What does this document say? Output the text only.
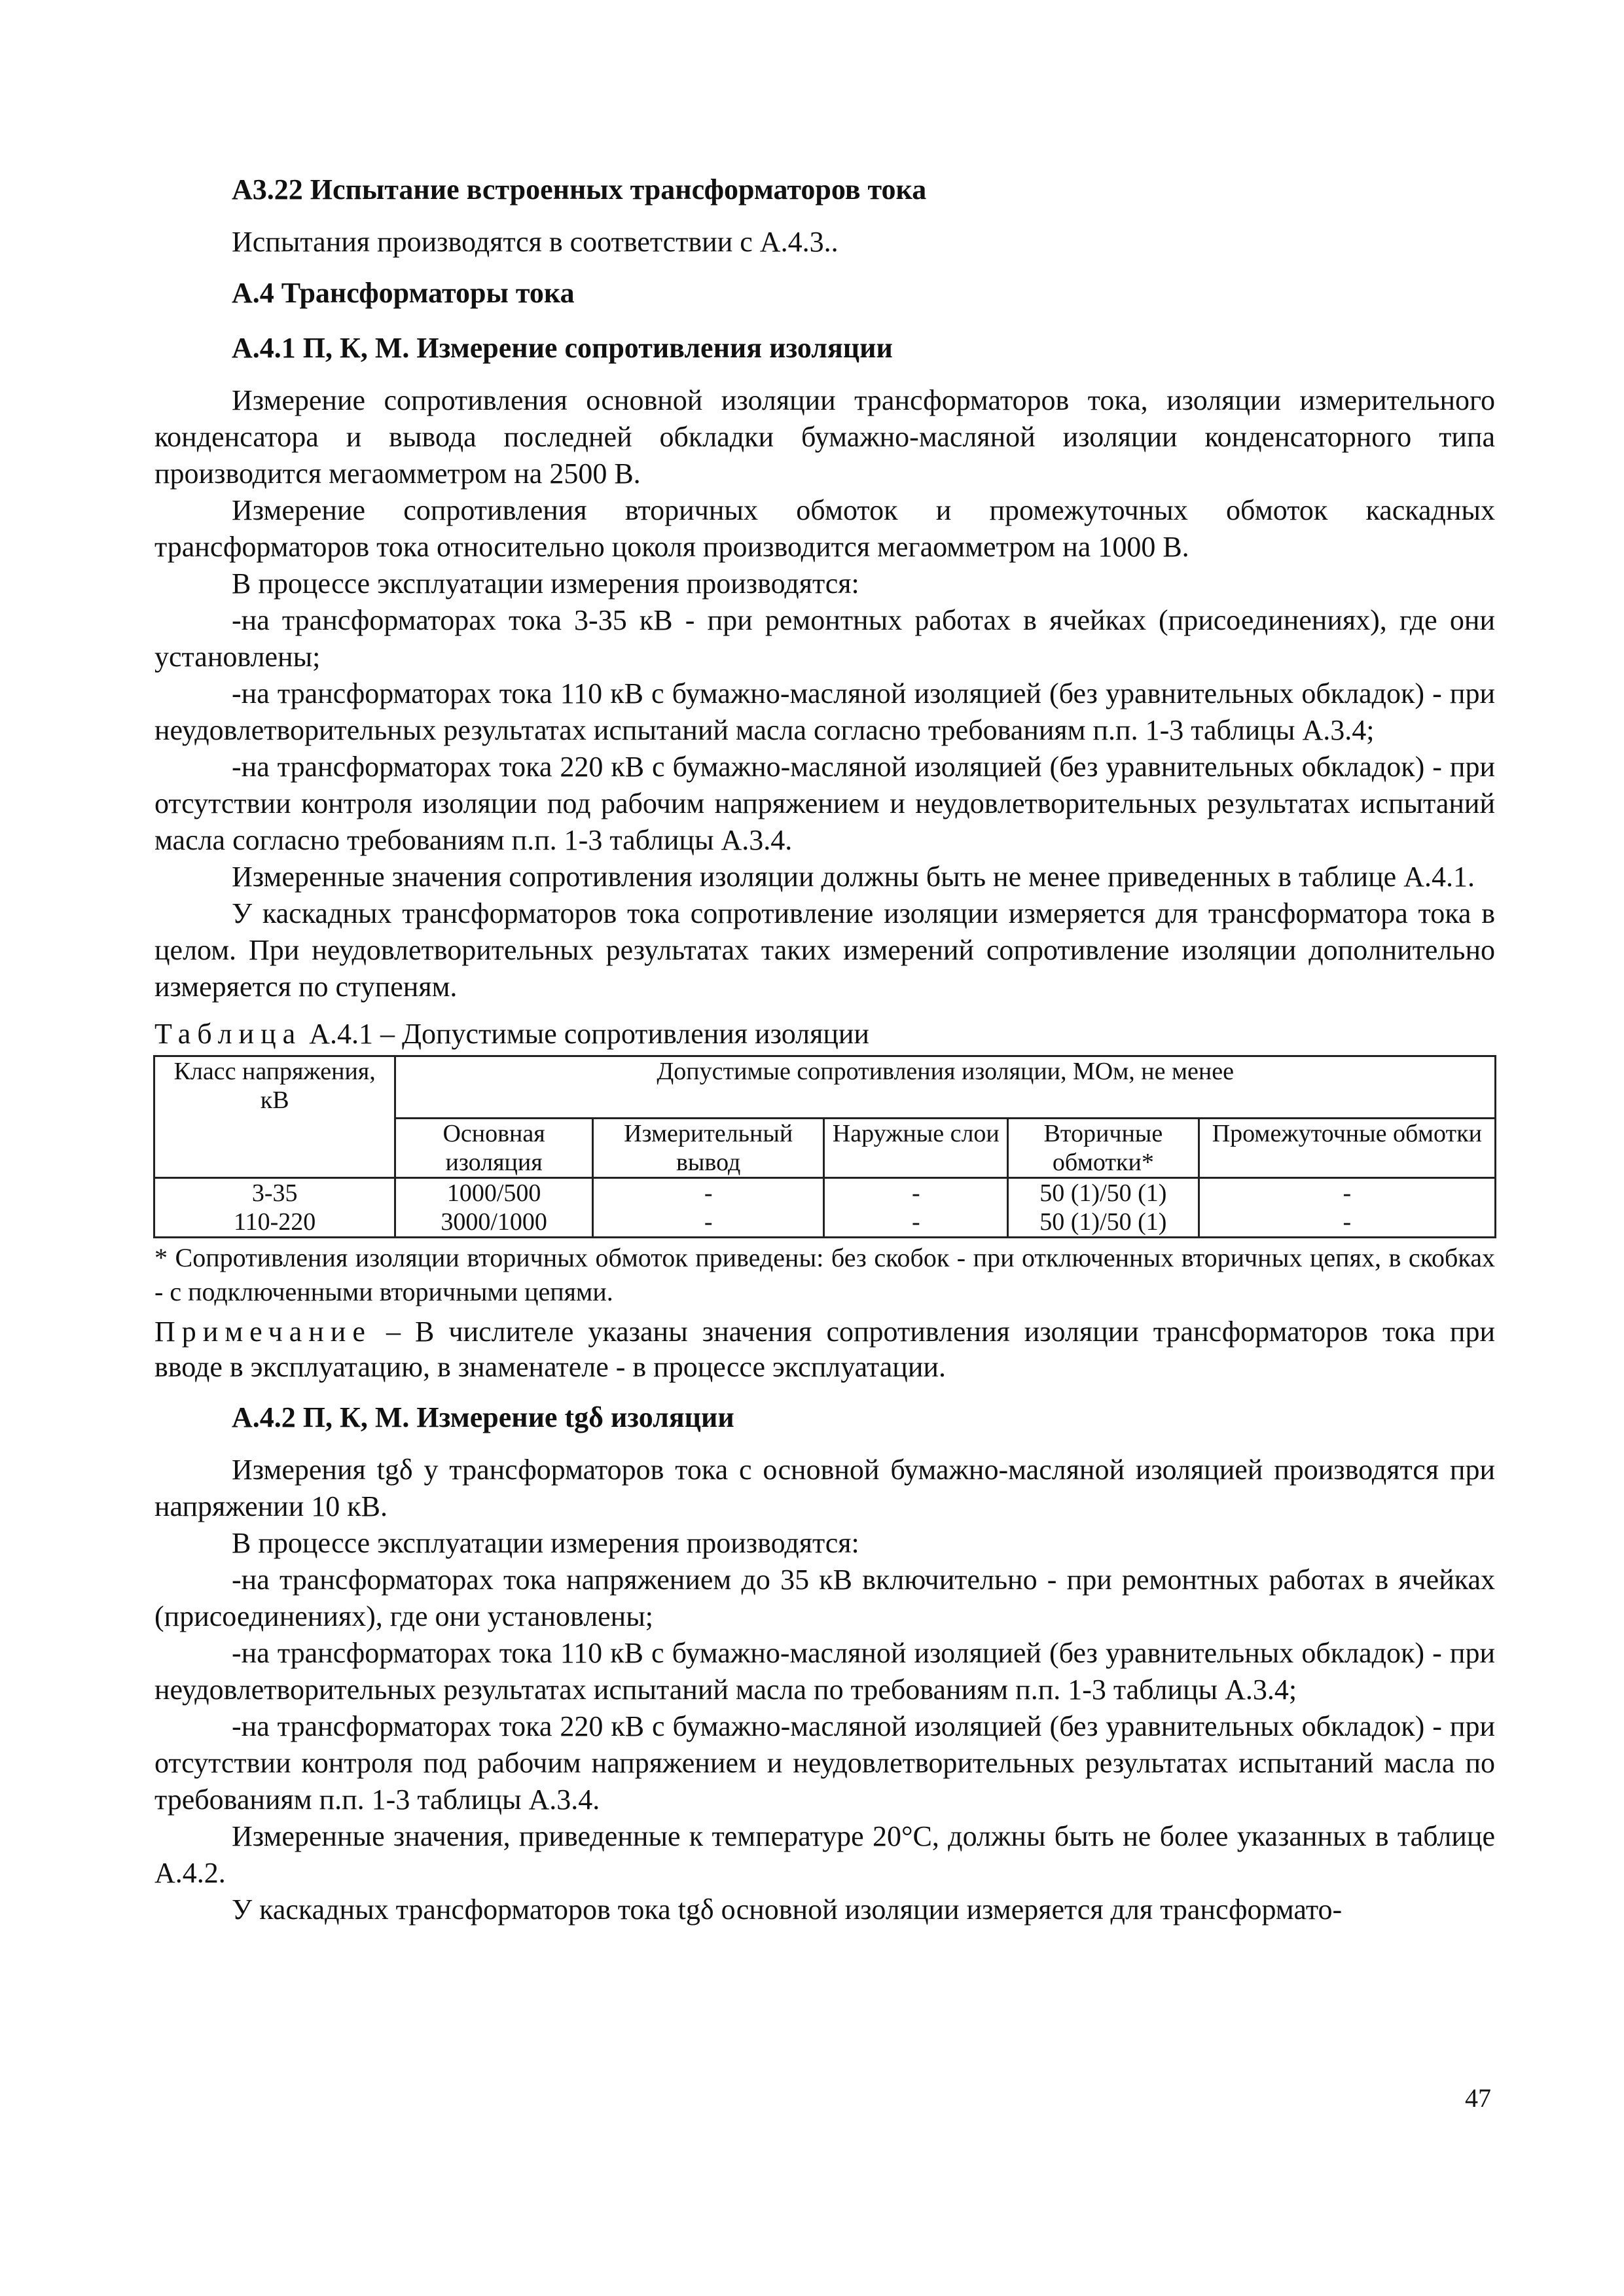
А3.22 Испытание встроенных трансформаторов тока

Испытания производятся в соответствии с А.4.3..

А.4 Трансформаторы тока
А.4.1 П, К, М. Измерение сопротивления изоляции

Измерение сопротивления основной изоляции трансформаторов тока, изоляции измерительного конденсатора и вывода последней обкладки бумажно-масляной изоляции конденсаторного типа производится мегаомметром на 2500 В.

Измерение сопротивления вторичных обмоток и промежуточных обмоток каскадных трансформаторов тока относительно цоколя производится мегаомметром на 1000 В.

В процессе эксплуатации измерения производятся:

-на трансформаторах тока 3-35 кВ - при ремонтных работах в ячейках (присоединениях), где они установлены;

-на трансформаторах тока 110 кВ с бумажно-масляной изоляцией (без уравнительных обкладок) - при неудовлетворительных результатах испытаний масла согласно требованиям п.п. 1-3 таблицы А.3.4;

-на трансформаторах тока 220 кВ с бумажно-масляной изоляцией (без уравнительных обкладок) - при отсутствии контроля изоляции под рабочим напряжением и неудовлетворительных результатах испытаний масла согласно требованиям п.п. 1-3 таблицы А.3.4.

Измеренные значения сопротивления изоляции должны быть не менее приведенных в таблице А.4.1.

У каскадных трансформаторов тока сопротивление изоляции измеряется для трансформатора тока в целом. При неудовлетворительных результатах таких измерений сопротивление изоляции дополнительно измеряется по ступеням.

Таблица А.4.1 – Допустимые сопротивления изоляции
Класс напряжения, кВ	Допустимые сопротивления изоляции, МОм, не менее				
	Основная изоляция	Измерительный вывод	Наружные слои	Вторичные обмотки*	Промежуточные обмотки
3-35	1000/500	-	-	50 (1)/50 (1)	-
110-220	3000/1000	-	-	50 (1)/50 (1)	-

* Сопротивления изоляции вторичных обмоток приведены: без скобок - при отключенных вторичных цепях, в скобках - с подключенными вторичными цепями.

Примечание – В числителе указаны значения сопротивления изоляции трансформаторов тока при вводе в эксплуатацию, в знаменателе - в процессе эксплуатации.

А.4.2 П, К, М. Измерение tgδ изоляции

Измерения tgδ у трансформаторов тока с основной бумажно-масляной изоляцией производятся при напряжении 10 кВ.

В процессе эксплуатации измерения производятся:

-на трансформаторах тока напряжением до 35 кВ включительно - при ремонтных работах в ячейках (присоединениях), где они установлены;

-на трансформаторах тока 110 кВ с бумажно-масляной изоляцией (без уравнительных обкладок) - при неудовлетворительных результатах испытаний масла по требованиям п.п. 1-3 таблицы А.3.4;

-на трансформаторах тока 220 кВ с бумажно-масляной изоляцией (без уравнительных обкладок) - при отсутствии контроля под рабочим напряжением и неудовлетворительных результатах испытаний масла по требованиям п.п. 1-3 таблицы А.3.4.

Измеренные значения, приведенные к температуре 20°С, должны быть не более указанных в таблице А.4.2.

У каскадных трансформаторов тока tgδ основной изоляции измеряется для трансформато-

47
